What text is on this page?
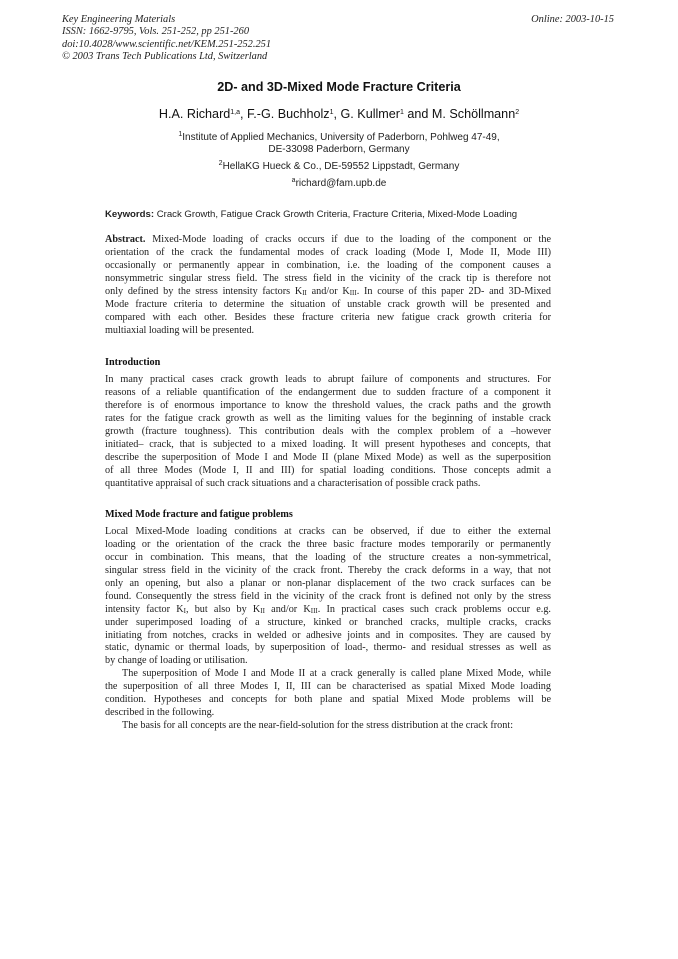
Key Engineering Materials
ISSN: 1662-9795, Vols. 251-252, pp 251-260
doi:10.4028/www.scientific.net/KEM.251-252.251
© 2003 Trans Tech Publications Ltd, Switzerland
Online: 2003-10-15
2D- and 3D-Mixed Mode Fracture Criteria
H.A. Richard$^{1,a}$, F.-G. Buchholz$^1$, G. Kullmer$^1$ and M. Schöllmann$^2$
$^1$Institute of Applied Mechanics, University of Paderborn, Pohlweg 47-49,
DE-33098 Paderborn, Germany
$^2$HellaKG Hueck & Co., DE-59552 Lippstadt, Germany
$^a$richard@fam.upb.de
Keywords: Crack Growth, Fatigue Crack Growth Criteria, Fracture Criteria, Mixed-Mode Loading
Abstract. Mixed-Mode loading of cracks occurs if due to the loading of the component or the
orientation of the crack the fundamental modes of crack loading (Mode I, Mode II, Mode III)
occasionally or permanently appear in combination, i.e. the loading of the component causes a
nonsymmetric singular stress field. The stress field in the vicinity of the crack tip is therefore not
only defined by the stress intensity factors $K_{II}$ and/or $K_{III}$. In course of this paper 2D- and 3D-Mixed
Mode fracture criteria to determine the situation of unstable crack growth will be presented and
compared with each other. Besides these fracture criteria new fatigue crack growth criteria for
multiaxial loading will be presented.
Introduction
In many practical cases crack growth leads to abrupt failure of components and structures. For
reasons of a reliable quantification of the endangerment due to sudden fracture of a component it
therefore is of enormous importance to know the threshold values, the crack paths and the growth
rates for the fatigue crack growth as well as the limiting values for the beginning of instable crack
growth (fracture toughness). This contribution deals with the complex problem of a –however
initiated– crack, that is subjected to a mixed loading. It will present hypotheses and concepts, that
describe the superposition of Mode I and Mode II (plane Mixed Mode) as well as the superposition
of all three Modes (Mode I, II and III) for spatial loading conditions. Those concepts admit a
quantitative appraisal of such crack situations and a characterisation of possible crack paths.
Mixed Mode fracture and fatigue problems
Local Mixed-Mode loading conditions at cracks can be observed, if due to either the external
loading or the orientation of the crack the three basic fracture modes temporarily or permanently
occur in combination. This means, that the loading of the structure creates a non-symmetrical,
singular stress field in the vicinity of the crack front. Thereby the crack deforms in a way, that not
only an opening, but also a planar or non-planar displacement of the two crack surfaces can be
found. Consequently the stress field in the vicinity of the crack front is defined not only by the stress
intensity factor $K_I$, but also by $K_{II}$ and/or $K_{III}$. In practical cases such crack problems occur e.g.
under superimposed loading of a structure, kinked or branched cracks, multiple cracks, cracks
initiating from notches, cracks in welded or adhesive joints and in composites. They are caused by
static, dynamic or thermal loads, by superposition of load-, thermo- and residual stresses as well as
by change of loading or utilisation.
The superposition of Mode I and Mode II at a crack generally is called plane Mixed Mode, while
the superposition of all three Modes I, II, III can be characterised as spatial Mixed Mode loading
condition. Hypotheses and concepts for both plane and spatial Mixed Mode problems will be
described in the following.
The basis for all concepts are the near-field-solution for the stress distribution at the crack front:
